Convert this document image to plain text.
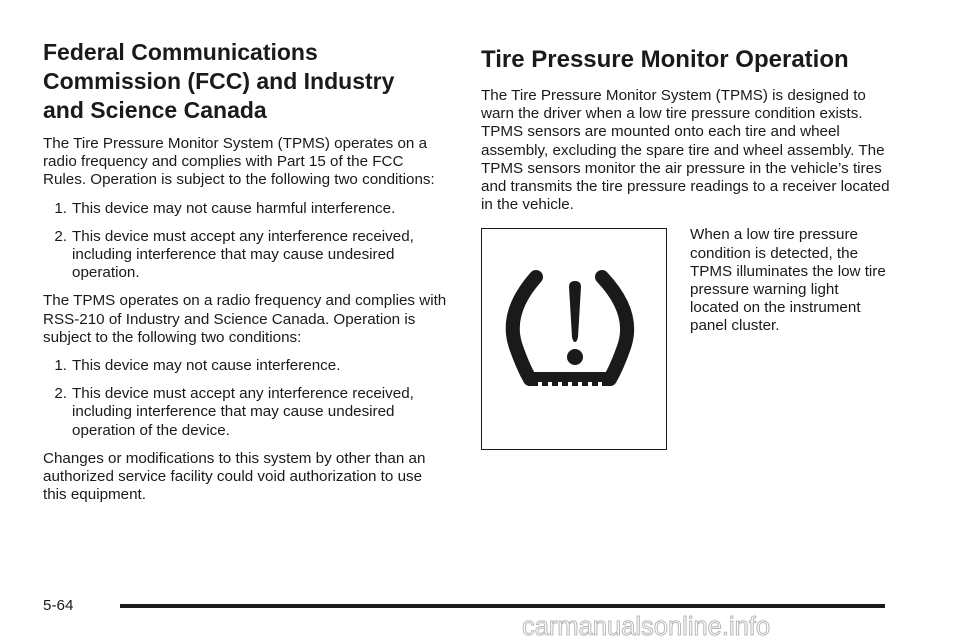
Federal Communications Commission (FCC) and Industry and Science Canada

The Tire Pressure Monitor System (TPMS) operates on a radio frequency and complies with Part 15 of the FCC Rules. Operation is subject to the following two conditions:

1. This device may not cause harmful interference.
2. This device must accept any interference received, including interference that may cause undesired operation.

The TPMS operates on a radio frequency and complies with RSS-210 of Industry and Science Canada. Operation is subject to the following two conditions:

1. This device may not cause interference.
2. This device must accept any interference received, including interference that may cause undesired operation of the device.

Changes or modifications to this system by other than an authorized service facility could void authorization to use this equipment.

Tire Pressure Monitor Operation

The Tire Pressure Monitor System (TPMS) is designed to warn the driver when a low tire pressure condition exists. TPMS sensors are mounted onto each tire and wheel assembly, excluding the spare tire and wheel assembly. The TPMS sensors monitor the air pressure in the vehicle’s tires and transmits the tire pressure readings to a receiver located in the vehicle.

When a low tire pressure condition is detected, the TPMS illuminates the low tire pressure warning light located on the instrument panel cluster.

5-64
carmanualsonline.info
